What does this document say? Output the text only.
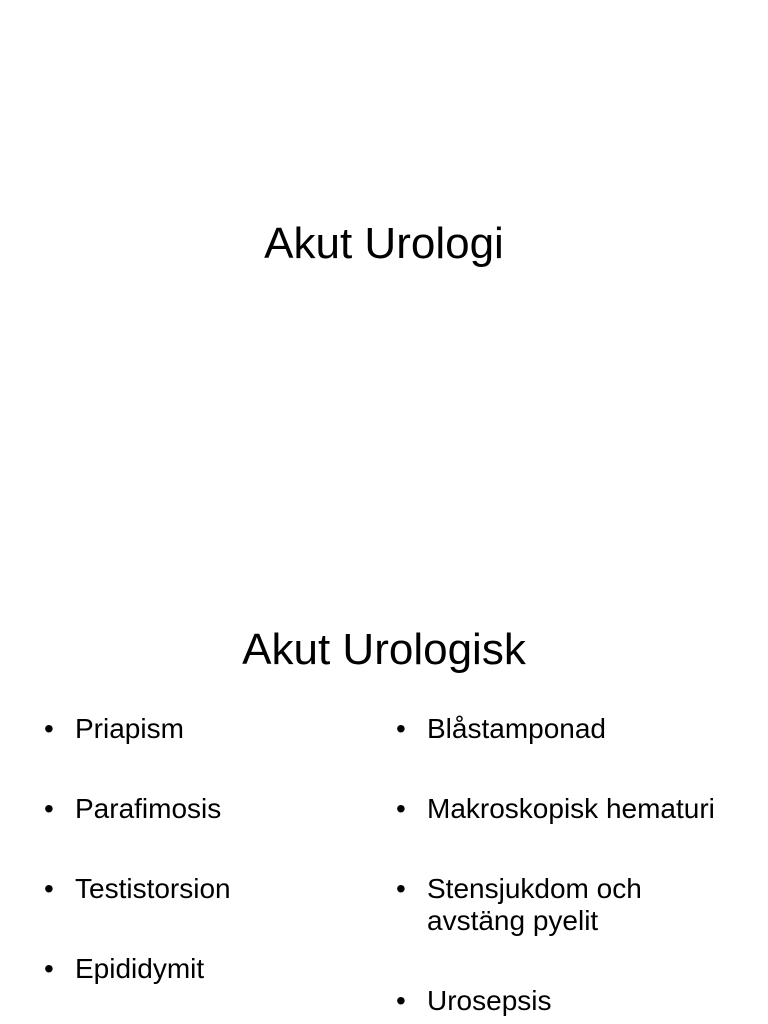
Akut Urologi
Akut Urologisk
• Priapism
• Parafimosis
• Testistorsion
• Epididymit
• Blåstamponad
• Makroskopisk hematuri
• Stensjukdom och avstäng pyelit
• Urosepsis
